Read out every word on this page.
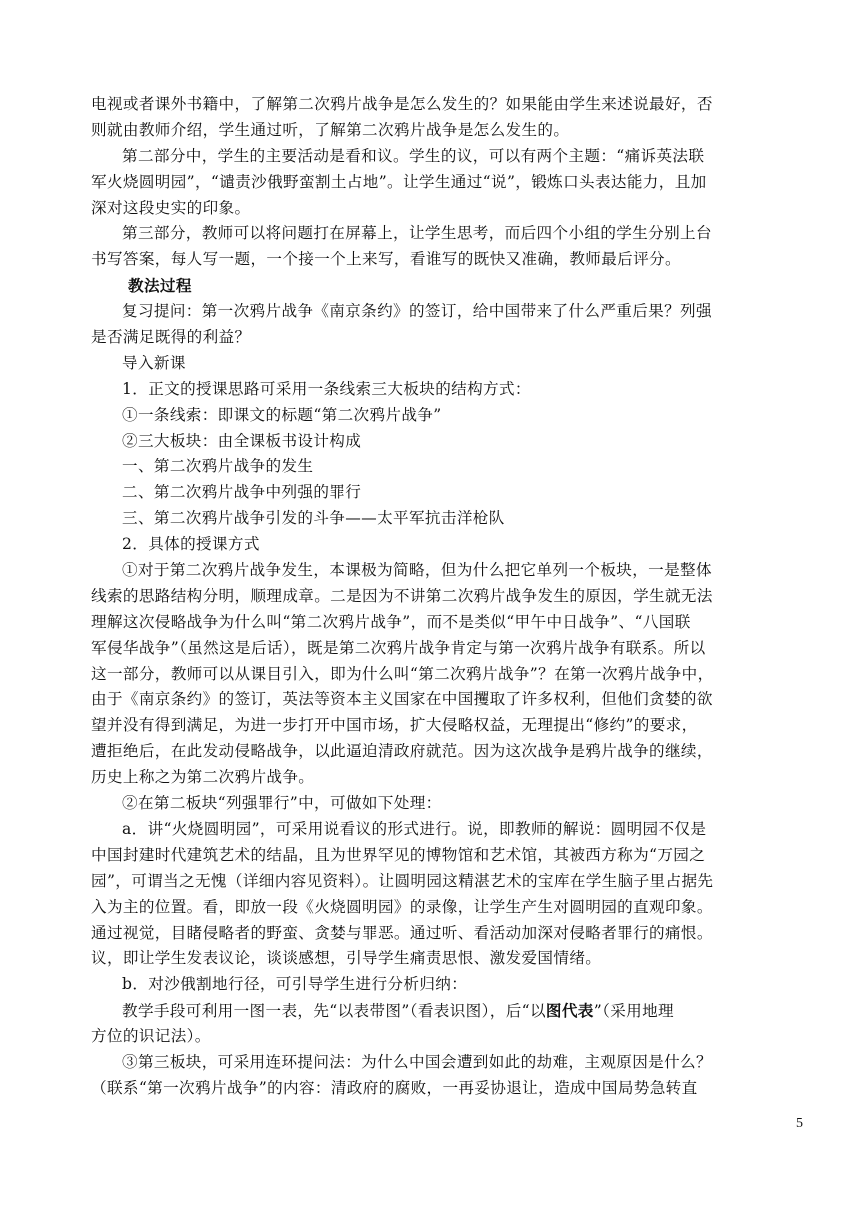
电视或者课外书籍中，了解第二次鸦片战争是怎么发生的？如果能由学生来述说最好，否
则就由教师介绍，学生通过听，了解第二次鸦片战争是怎么发生的。
第二部分中，学生的主要活动是看和议。学生的议，可以有两个主题：“痛诉英法联
军火烧圆明园”，“谴责沙俄野蛮割土占地”。让学生通过“说”，锻炼口头表达能力，且加
深对这段史实的印象。
第三部分，教师可以将问题打在屏幕上，让学生思考，而后四个小组的学生分别上台
书写答案，每人写一题，一个接一个上来写，看谁写的既快又准确，教师最后评分。
教法过程
复习提问：第一次鸦片战争《南京条约》的签订，给中国带来了什么严重后果？列强
是否满足既得的利益？
导入新课
1．正文的授课思路可采用一条线索三大板块的结构方式：
①一条线索：即课文的标题“第二次鸦片战争”
②三大板块：由全课板书设计构成
一、第二次鸦片战争的发生
二、第二次鸦片战争中列强的罪行
三、第二次鸦片战争引发的斗争——太平军抗击洋枪队
2．具体的授课方式
①对于第二次鸦片战争发生，本课极为简略，但为什么把它单列一个板块，一是整体
线索的思路结构分明，顺理成章。二是因为不讲第二次鸦片战争发生的原因，学生就无法
理解这次侵略战争为什么叫“第二次鸦片战争”，而不是类似“甲午中日战争”、“八国联
军侵华战争”（虽然这是后话），既是第二次鸦片战争肯定与第一次鸦片战争有联系。所以
这一部分，教师可以从课目引入，即为什么叫“第二次鸦片战争”？在第一次鸦片战争中，
由于《南京条约》的签订，英法等资本主义国家在中国攫取了许多权利，但他们贪婪的欲
望并没有得到满足，为进一步打开中国市场，扩大侵略权益，无理提出“修约”的要求，
遭拒绝后，在此发动侵略战争，以此逼迫清政府就范。因为这次战争是鸦片战争的继续，
历史上称之为第二次鸦片战争。
②在第二板块“列强罪行”中，可做如下处理：
a．讲“火烧圆明园”，可采用说看议的形式进行。说，即教师的解说：圆明园不仅是
中国封建时代建筑艺术的结晶，且为世界罕见的博物馆和艺术馆，其被西方称为“万园之
园”，可谓当之无愧（详细内容见资料）。让圆明园这精湛艺术的宝库在学生脑子里占据先
入为主的位置。看，即放一段《火烧圆明园》的录像，让学生产生对圆明园的直观印象。
通过视觉，目睹侵略者的野蛮、贪婪与罪恶。通过听、看活动加深对侵略者罪行的痛恨。
议，即让学生发表议论，谈谈感想，引导学生痛责思恨、激发爱国情绪。
b．对沙俄割地行径，可引导学生进行分析归纳：
教学手段可利用一图一表，先“以表带图”（看表识图），后“以图代表”（采用地理
方位的识记法）。
③第三板块，可采用连环提问法：为什么中国会遭到如此的劫难，主观原因是什么？
（联系“第一次鸦片战争”的内容：清政府的腐败，一再妥协退让，造成中国局势急转直
5
